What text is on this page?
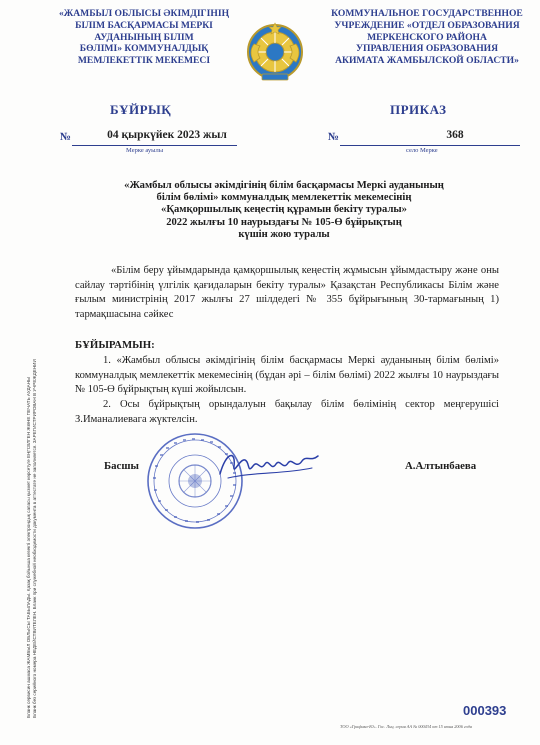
«ЖАМБЫЛ ОБЛЫСЫ ӘКІМДІГІНІҢ
БІЛІМ БАСҚАРМАСЫ МЕРКІ
АУДАНЫНЫҢ БІЛІМ
БӨЛІМІ» КОММУНАЛДЫҚ
МЕМЛЕКЕТТІК МЕКЕМЕСІ
КОММУНАЛЬНОЕ ГОСУДАРСТВЕННОЕ
УЧРЕЖДЕНИЕ «ОТДЕЛ ОБРАЗОВАНИЯ
МЕРКЕНСКОГО РАЙОНА
УПРАВЛЕНИЯ ОБРАЗОВАНИЯ
АКИМАТА ЖАМБЫЛСКОЙ ОБЛАСТИ»
БҰЙРЫҚ	ПРИКАЗ
№	04 қыркүйек 2023 жыл
Мерке ауылы
№	368
село Мерке
«Жамбыл облысы әкімдігінің білім басқармасы Меркі ауданының
білім бөлімі» коммуналдық мемлекеттік мекемесінің
«Қамқоршылық кеңестің құрамын бекіту туралы»
2022 жылғы 10 наурыздағы № 105-Ө бұйрықтың
күшін жою туралы
«Білім беру ұйымдарында қамқоршылық кеңестің жұмысын ұйымдастыру және оны сайлау тәртібінің үлгілік қағидаларын бекіту туралы» Қазақстан Республикасы Білім және ғылым министрінің 2017 жылғы 27 шілдедегі № 355 бұйрығының 30-тармағының 1) тармақшасына сәйкес
БҰЙЫРАМЫН:
1. «Жамбыл облысы әкімдігінің білім басқармасы Меркі ауданының білім бөлімі» коммуналдық мемлекеттік мекемесінің (бұдан әрі – білім бөлімі) 2022 жылғы 10 наурыздағы № 105-Ө бұйрықтың күші жойылсын.
2. Осы бұйрықтың орындалуын бақылау білім бөлімінің сектор меңгерушісі З.Иманалиевага жүктелсін.
Басшы	А.Алтынбаева
Бланк сервисин ашмаса ЖАМБЫЛ ОБЛЫСЫ ТАБЫЛАДЫ. Қазақ бойынша кезекті электрондық сапасы қызмет көрсетуге ЕҢГІЗІЛГЕН ЖӘНЕ ПЕЧАТЬ АУДАНЫ Бланк без серийного номера НЕДЕЙСТВИТЕЛЕН. Бланк при служебной необходимости документа в аттестате не заполняется. ЗАРЕГИСТРИРОВАН В УЧРЕЖДЕНИИ	000393
ТОО «Графика-Ю». Гос. Лиц. серия АА № 000434 от 15 июня 2006 года
